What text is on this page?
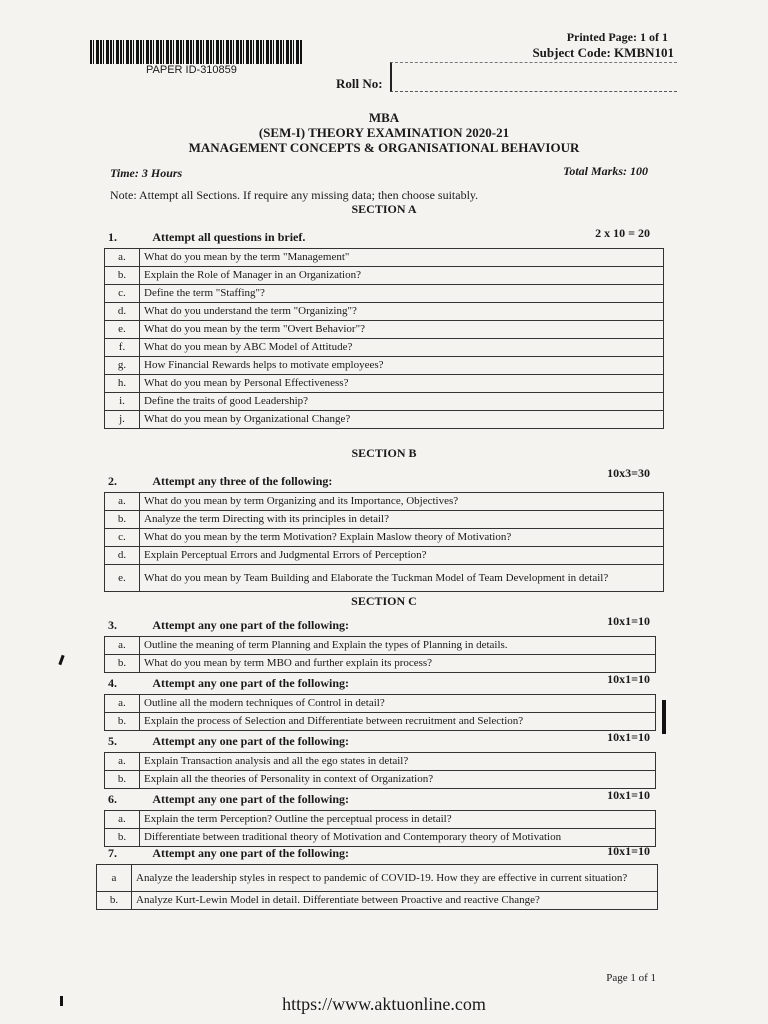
PAPER ID-310859
Printed Page: 1 of 1
Subject Code: KMBN101
Roll No:
MBA
(SEM-I) THEORY EXAMINATION 2020-21
MANAGEMENT CONCEPTS & ORGANISATIONAL BEHAVIOUR
Time: 3 Hours	Total Marks: 100
Note: Attempt all Sections. If require any missing data; then choose suitably.
SECTION A
1.	Attempt all questions in brief.	2 x 10 = 20
a.	What do you mean by the term "Management"
b.	Explain the Role of Manager in an Organization?
c.	Define the term "Staffing"?
d.	What do you understand the term "Organizing"?
e.	What do you mean by the term "Overt Behavior"?
f.	What do you mean by ABC Model of Attitude?
g.	How Financial Rewards helps to motivate employees?
h.	What do you mean by Personal Effectiveness?
i.	Define the traits of good Leadership?
j.	What do you mean by Organizational Change?
SECTION B
2.	Attempt any three of the following:
10x3=30
a.	What do you mean by term Organizing and its Importance, Objectives?
b.	Analyze the term Directing with its principles in detail?
c.	What do you mean by the term Motivation? Explain Maslow theory of Motivation?
d.	Explain Perceptual Errors and Judgmental Errors of Perception?
e.	What do you mean by Team Building and Elaborate the Tuckman Model of Team Development in detail?
SECTION C
3.	Attempt any one part of the following:	10x1=10
a.	Outline the meaning of term Planning and Explain the types of Planning in details.
b.	What do you mean by term MBO and further explain its process?
4.	Attempt any one part of the following:	10x1=10
a.	Outline all the modern techniques of Control in detail?
b.	Explain the process of Selection and Differentiate between recruitment and Selection?
5.	Attempt any one part of the following:	10x1=10
a.	Explain Transaction analysis and all the ego states in detail?
b.	Explain all the theories of Personality in context of Organization?
6.	Attempt any one part of the following:	10x1=10
a.	Explain the term Perception? Outline the perceptual process in detail?
b.	Differentiate between traditional theory of Motivation and Contemporary theory of Motivation
7.	Attempt any one part of the following:	10x1=10
a	Analyze the leadership styles in respect to pandemic of COVID-19. How they are effective in current situation?
b.	Analyze Kurt-Lewin Model in detail. Differentiate between Proactive and reactive Change?
Page 1 of 1
https://www.aktuonline.com
